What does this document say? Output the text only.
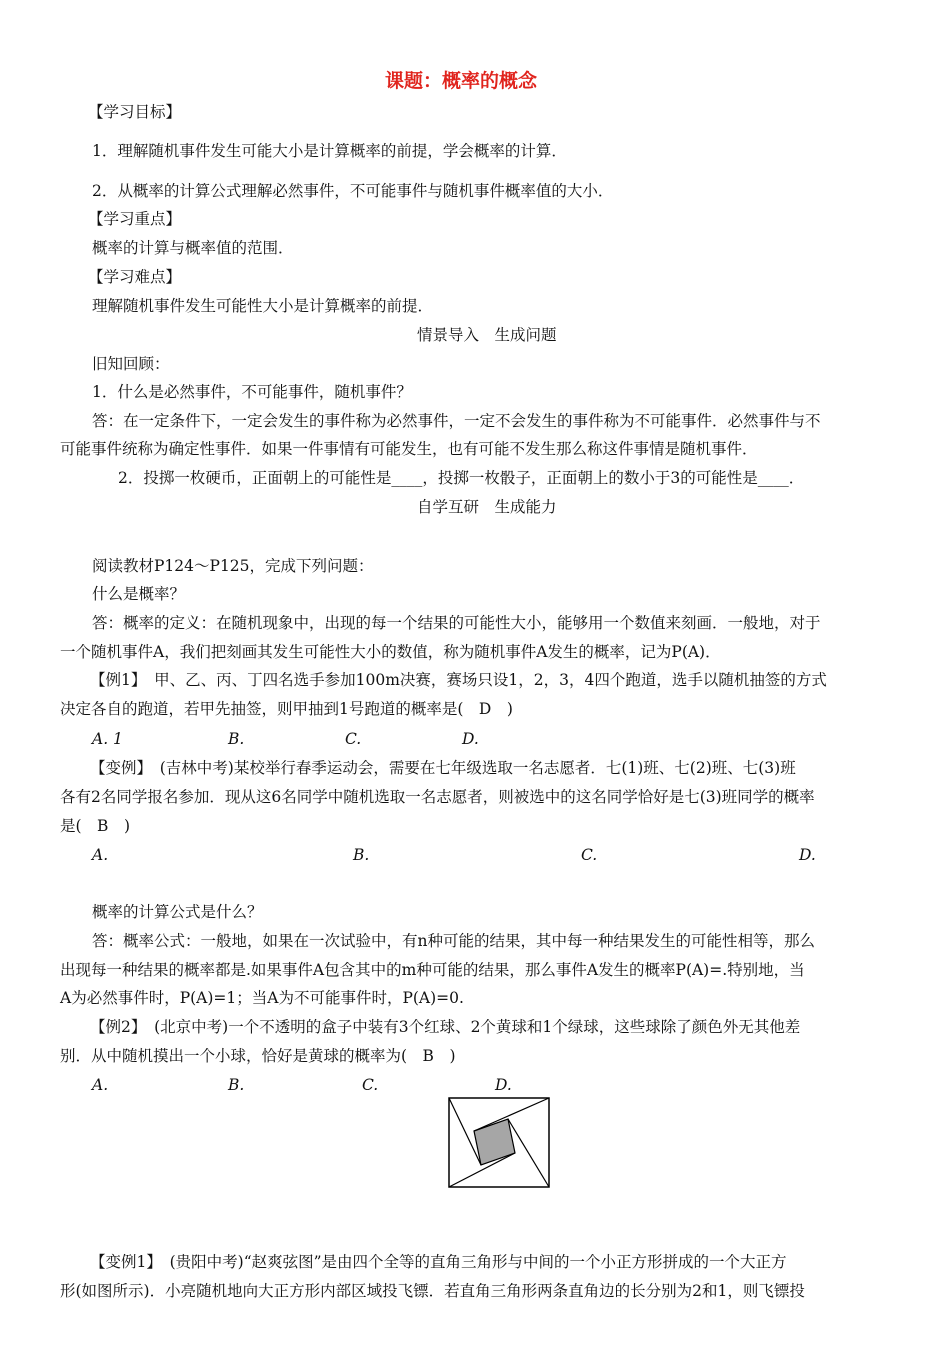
课题：概率的概念
【学习目标】
1．理解随机事件发生可能大小是计算概率的前提，学会概率的计算．
2．从概率的计算公式理解必然事件，不可能事件与随机事件概率值的大小．
【学习重点】
概率的计算与概率值的范围．
【学习难点】
理解随机事件发生可能性大小是计算概率的前提．
情景导入　生成问题
旧知回顾：
1．什么是必然事件，不可能事件，随机事件？
答：在一定条件下，一定会发生的事件称为必然事件，一定不会发生的事件称为不可能事件．必然事件与不
可能事件统称为确定性事件．如果一件事情有可能发生，也有可能不发生那么称这件事情是随机事件．
2．投掷一枚硬币，正面朝上的可能性是____，投掷一枚骰子，正面朝上的数小于3的可能性是____．
自学互研　生成能力
阅读教材P124～P125，完成下列问题：
什么是概率？
答：概率的定义：在随机现象中，出现的每一个结果的可能性大小，能够用一个数值来刻画．一般地，对于
一个随机事件A，我们把刻画其发生可能性大小的数值，称为随机事件A发生的概率，记为P(A)．
【例1】　甲、乙、丙、丁四名选手参加100m决赛，赛场只设1，2，3，4四个跑道，选手以随机抽签的方式
决定各自的跑道，若甲先抽签，则甲抽到1号跑道的概率是(　D　)
A. 1	B.	C.	D.
【变例】　(吉林中考)某校举行春季运动会，需要在七年级选取一名志愿者．七(1)班、七(2)班、七(3)班
各有2名同学报名参加．现从这6名同学中随机选取一名志愿者，则被选中的这名同学恰好是七(3)班同学的概率
是(　B　)
A.	B.	C.	D.
概率的计算公式是什么？
答：概率公式：一般地，如果在一次试验中，有n种可能的结果，其中每一种结果发生的可能性相等，那么
出现每一种结果的概率都是.如果事件A包含其中的m种可能的结果，那么事件A发生的概率P(A)=.特别地，当
A为必然事件时，P(A)=1；当A为不可能事件时，P(A)=0.
【例2】　(北京中考)一个不透明的盒子中装有3个红球、2个黄球和1个绿球，这些球除了颜色外无其他差
别．从中随机摸出一个小球，恰好是黄球的概率为(　B　)
A.	B.	C.	D.
【变例1】　(贵阳中考)“赵爽弦图”是由四个全等的直角三角形与中间的一个小正方形拼成的一个大正方
形(如图所示)．小亮随机地向大正方形内部区域投飞镖．若直角三角形两条直角边的长分别为2和1，则飞镖投
